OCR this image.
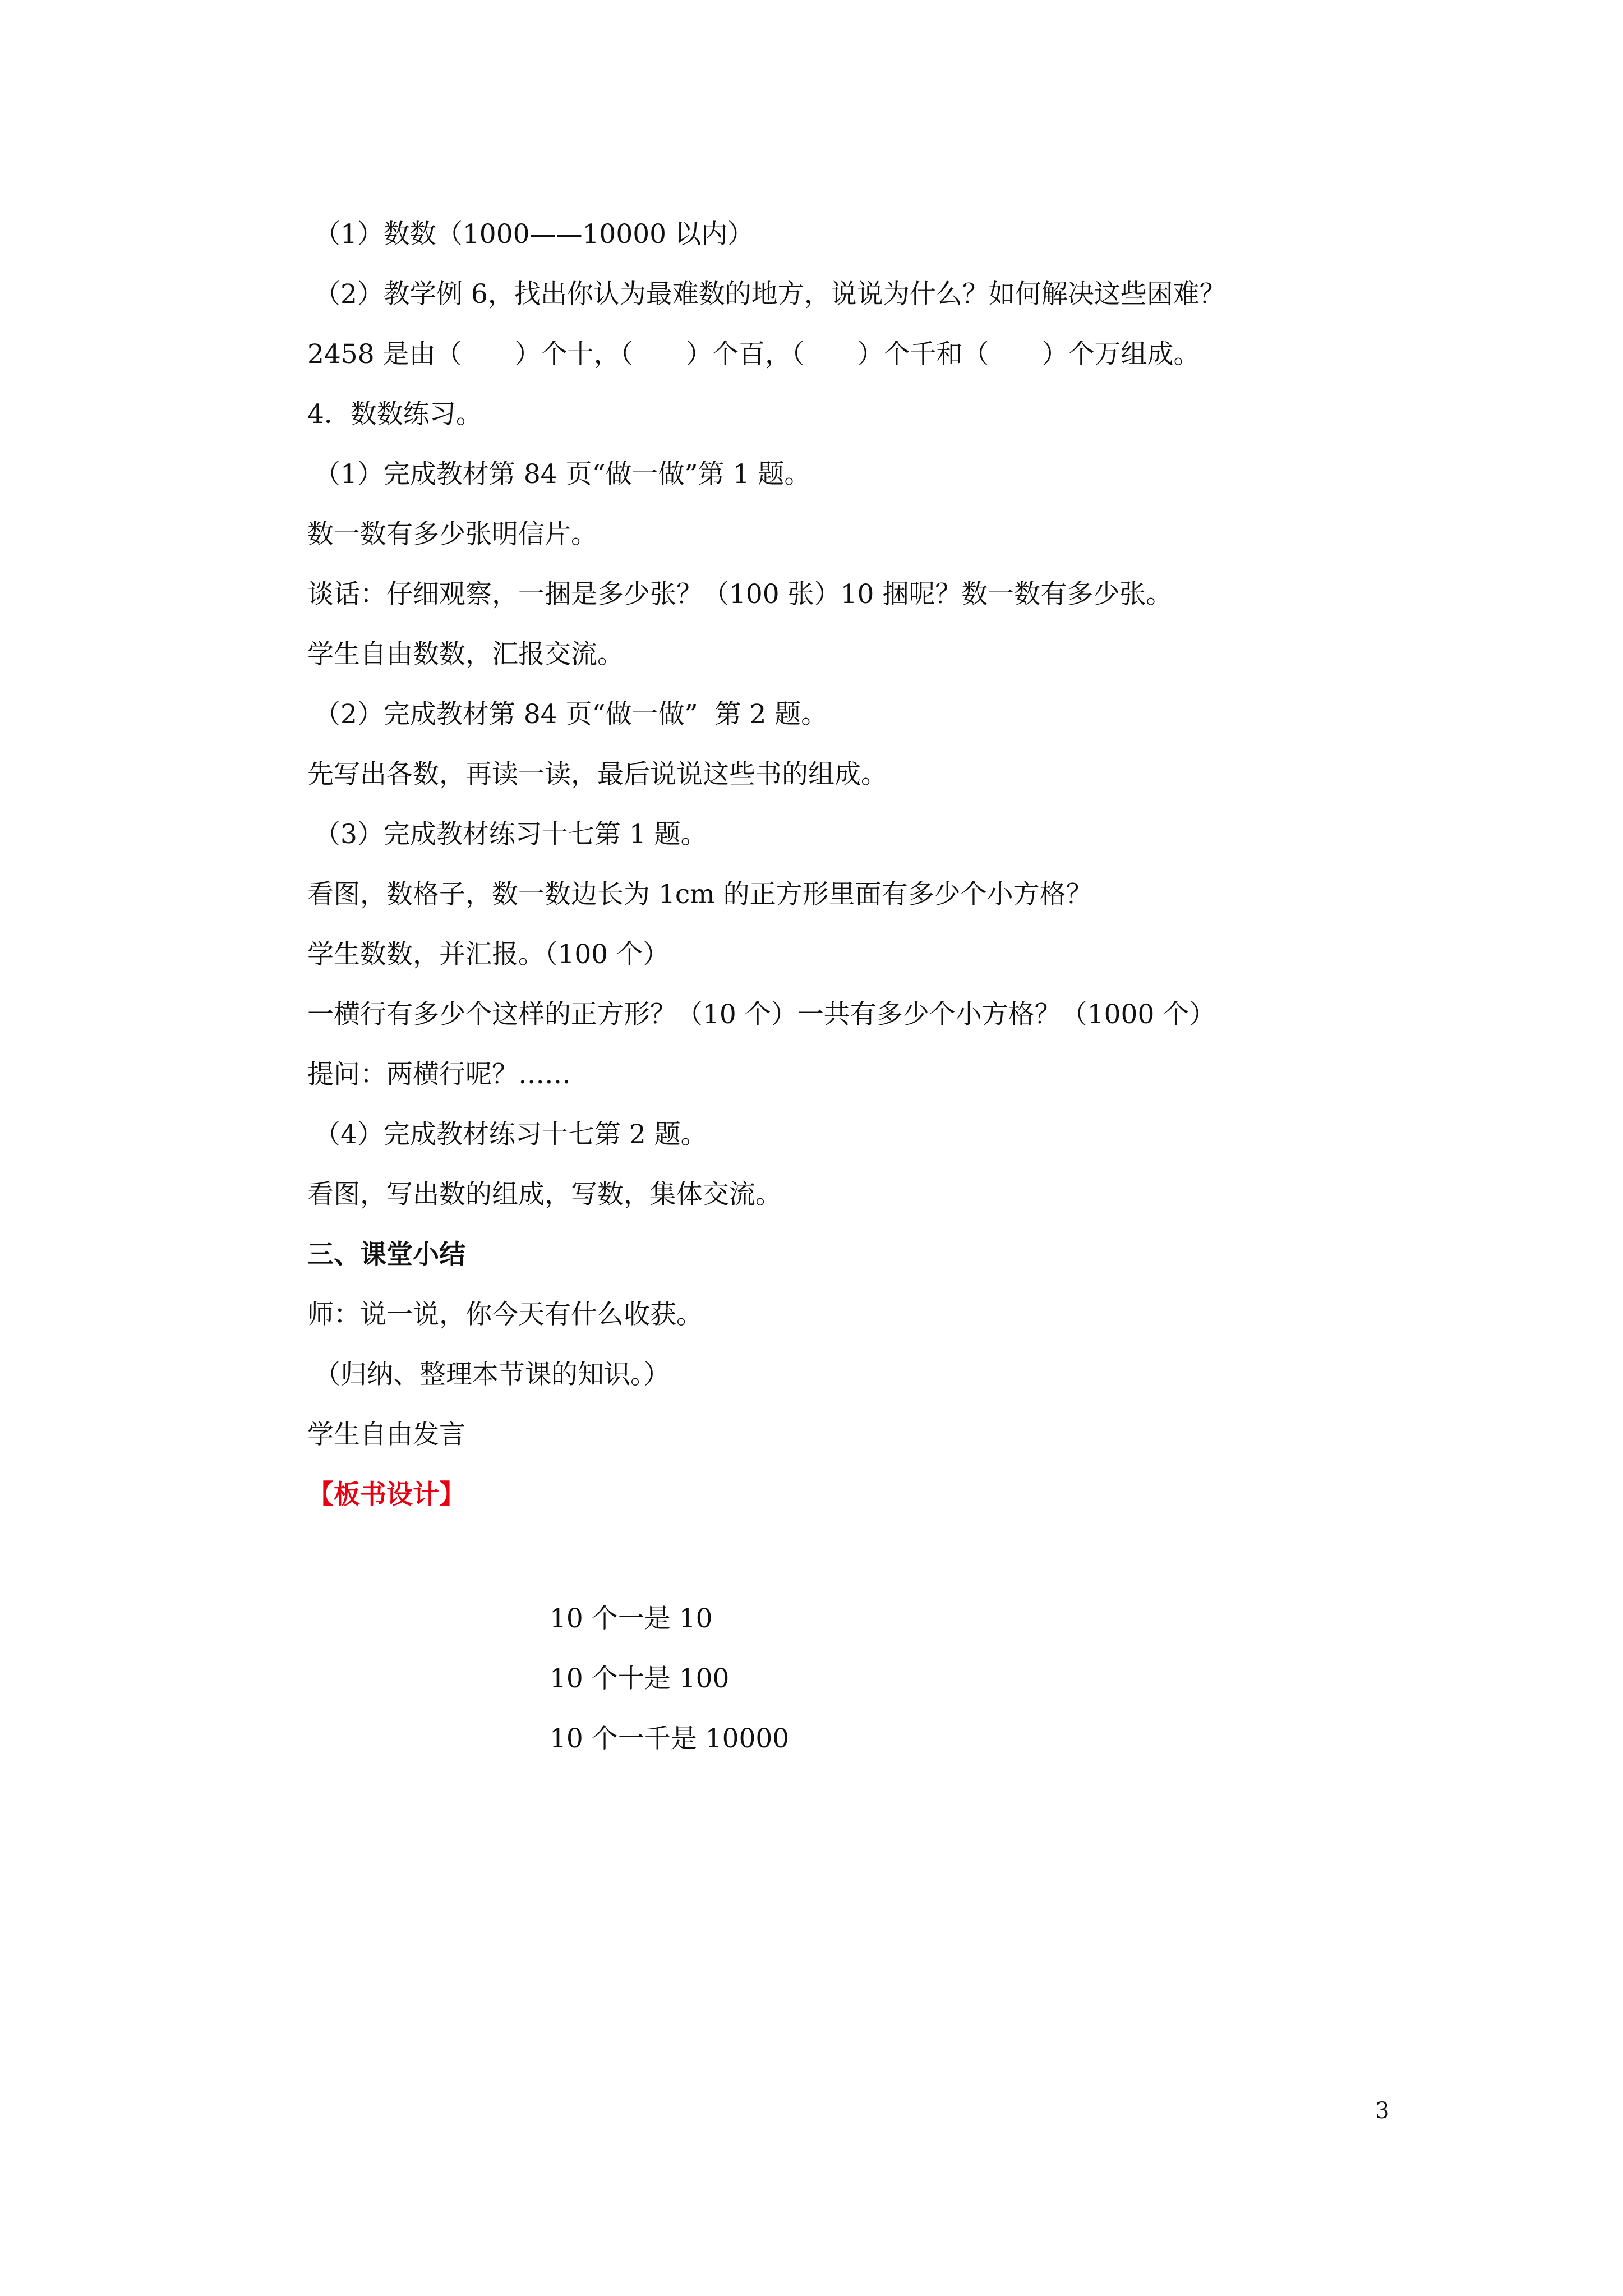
（1）数数（1000——10000 以内）
（2）教学例 6，找出你认为最难数的地方，说说为什么？如何解决这些困难？
2458 是由（　　）个十，（　　）个百，（　　）个千和（　　）个万组成。
4．数数练习。
（1）完成教材第 84 页“做一做”第 1 题。
数一数有多少张明信片。
谈话：仔细观察，一捆是多少张？（100 张）10 捆呢？数一数有多少张。
学生自由数数，汇报交流。
（2）完成教材第 84 页“做一做”  第 2 题。
先写出各数，再读一读，最后说说这些书的组成。
（3）完成教材练习十七第 1 题。
看图，数格子，数一数边长为 1cm 的正方形里面有多少个小方格？
学生数数，并汇报。（100 个）
一横行有多少个这样的正方形？（10 个）一共有多少个小方格？（1000 个）
提问：两横行呢？……
（4）完成教材练习十七第 2 题。
看图，写出数的组成，写数，集体交流。
三、课堂小结
师：说一说，你今天有什么收获。
（归纳、整理本节课的知识。）
学生自由发言
【板书设计】
10 个一是 10
10 个十是 100
10 个一千是 10000
3
